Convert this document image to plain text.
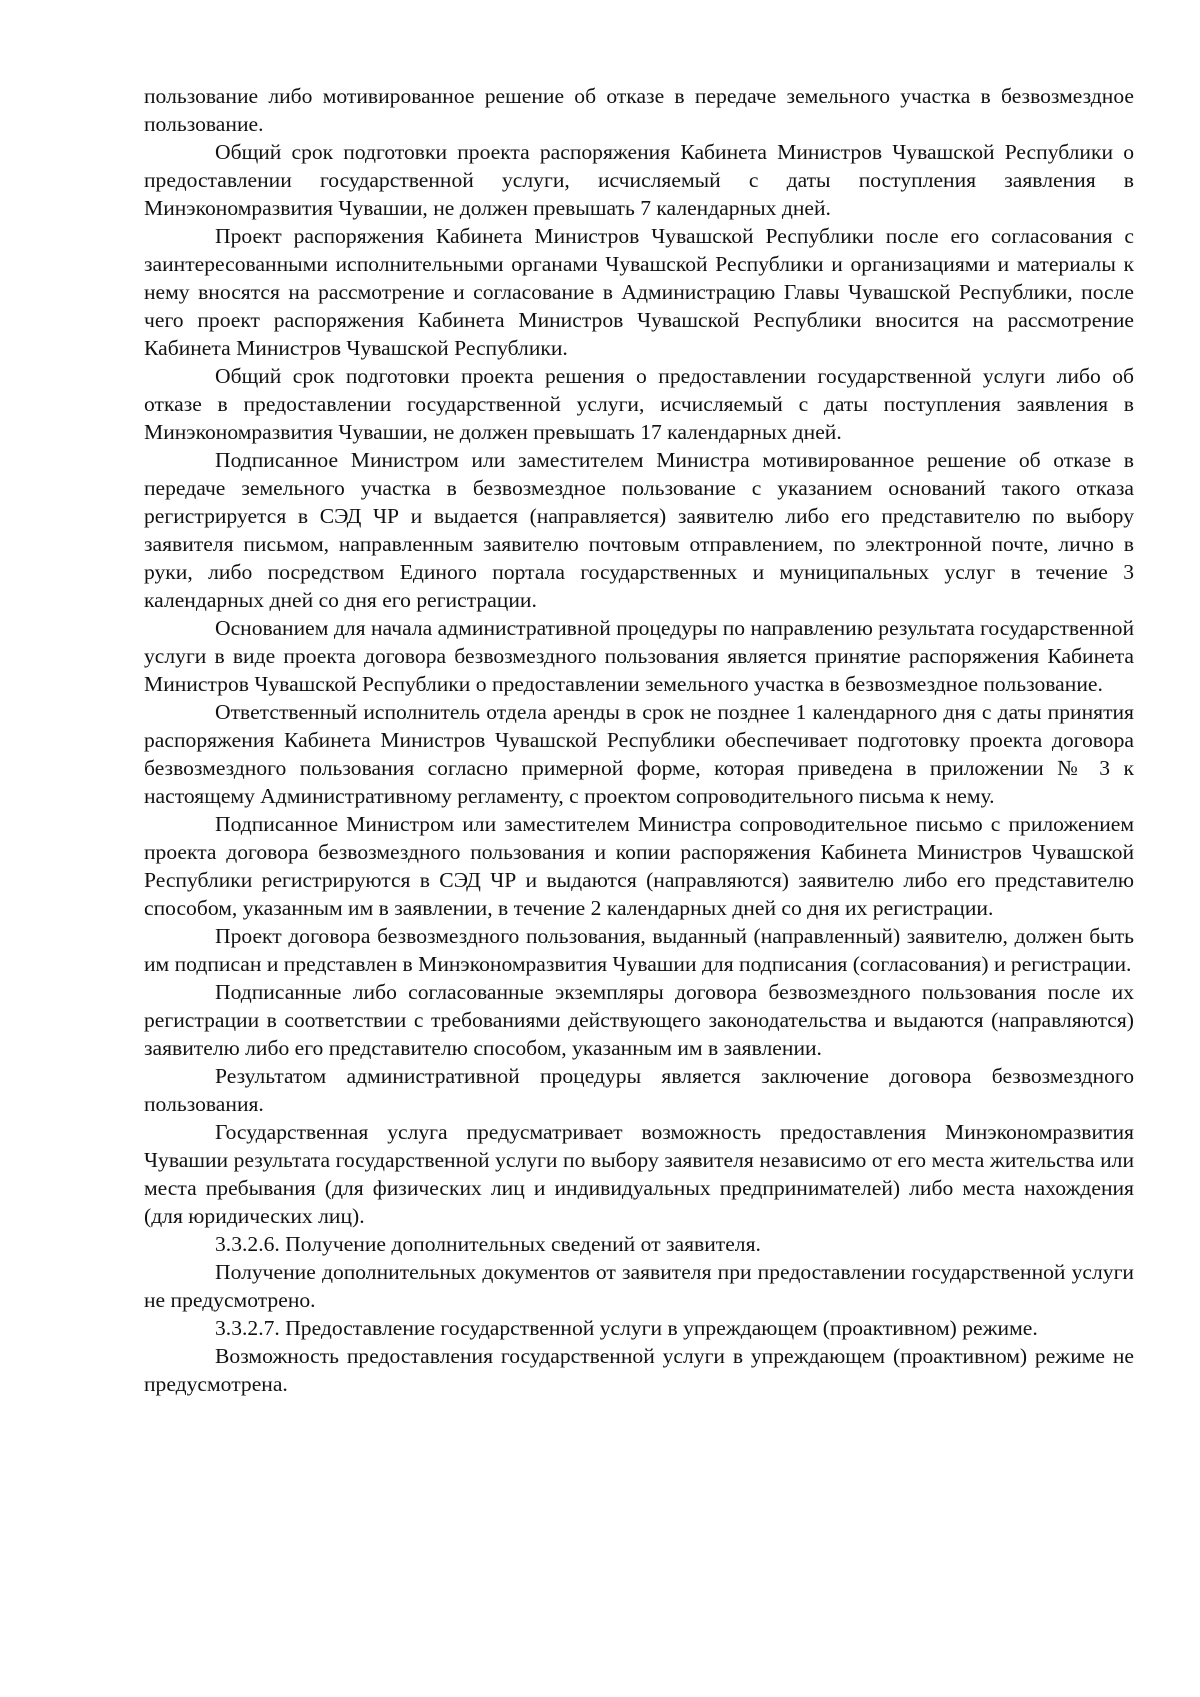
пользование либо мотивированное решение об отказе в передаче земельного участка в безвозмездное пользование.

Общий срок подготовки проекта распоряжения Кабинета Министров Чувашской Республики о предоставлении государственной услуги, исчисляемый с даты поступления заявления в Минэкономразвития Чувашии, не должен превышать 7 календарных дней.

Проект распоряжения Кабинета Министров Чувашской Республики после его согласования с заинтересованными исполнительными органами Чувашской Республики и организациями и материалы к нему вносятся на рассмотрение и согласование в Администрацию Главы Чувашской Республики, после чего проект распоряжения Кабинета Министров Чувашской Республики вносится на рассмотрение Кабинета Министров Чувашской Республики.

Общий срок подготовки проекта решения о предоставлении государственной услуги либо об отказе в предоставлении государственной услуги, исчисляемый с даты поступления заявления в Минэкономразвития Чувашии, не должен превышать 17 календарных дней.

Подписанное Министром или заместителем Министра мотивированное решение об отказе в передаче земельного участка в безвозмездное пользование с указанием оснований такого отказа регистрируется в СЭД ЧР и выдается (направляется) заявителю либо его представителю по выбору заявителя письмом, направленным заявителю почтовым отправлением, по электронной почте, лично в руки, либо посредством Единого портала государственных и муниципальных услуг в течение 3 календарных дней со дня его регистрации.

Основанием для начала административной процедуры по направлению результата государственной услуги в виде проекта договора безвозмездного пользования является принятие распоряжения Кабинета Министров Чувашской Республики о предоставлении земельного участка в безвозмездное пользование.

Ответственный исполнитель отдела аренды в срок не позднее 1 календарного дня с даты принятия распоряжения Кабинета Министров Чувашской Республики обеспечивает подготовку проекта договора безвозмездного пользования согласно примерной форме, которая приведена в приложении № 3 к настоящему Административному регламенту, с проектом сопроводительного письма к нему.

Подписанное Министром или заместителем Министра сопроводительное письмо с приложением проекта договора безвозмездного пользования и копии распоряжения Кабинета Министров Чувашской Республики регистрируются в СЭД ЧР и выдаются (направляются) заявителю либо его представителю способом, указанным им в заявлении, в течение 2 календарных дней со дня их регистрации.

Проект договора безвозмездного пользования, выданный (направленный) заявителю, должен быть им подписан и представлен в Минэкономразвития Чувашии для подписания (согласования) и регистрации.

Подписанные либо согласованные экземпляры договора безвозмездного пользования после их регистрации в соответствии с требованиями действующего законодательства и выдаются (направляются) заявителю либо его представителю способом, указанным им в заявлении.

Результатом административной процедуры является заключение договора безвозмездного пользования.

Государственная услуга предусматривает возможность предоставления Минэкономразвития Чувашии результата государственной услуги по выбору заявителя независимо от его места жительства или места пребывания (для физических лиц и индивидуальных предпринимателей) либо места нахождения (для юридических лиц).

3.3.2.6. Получение дополнительных сведений от заявителя.

Получение дополнительных документов от заявителя при предоставлении государственной услуги не предусмотрено.

3.3.2.7. Предоставление государственной услуги в упреждающем (проактивном) режиме.

Возможность предоставления государственной услуги в упреждающем (проактивном) режиме не предусмотрена.
